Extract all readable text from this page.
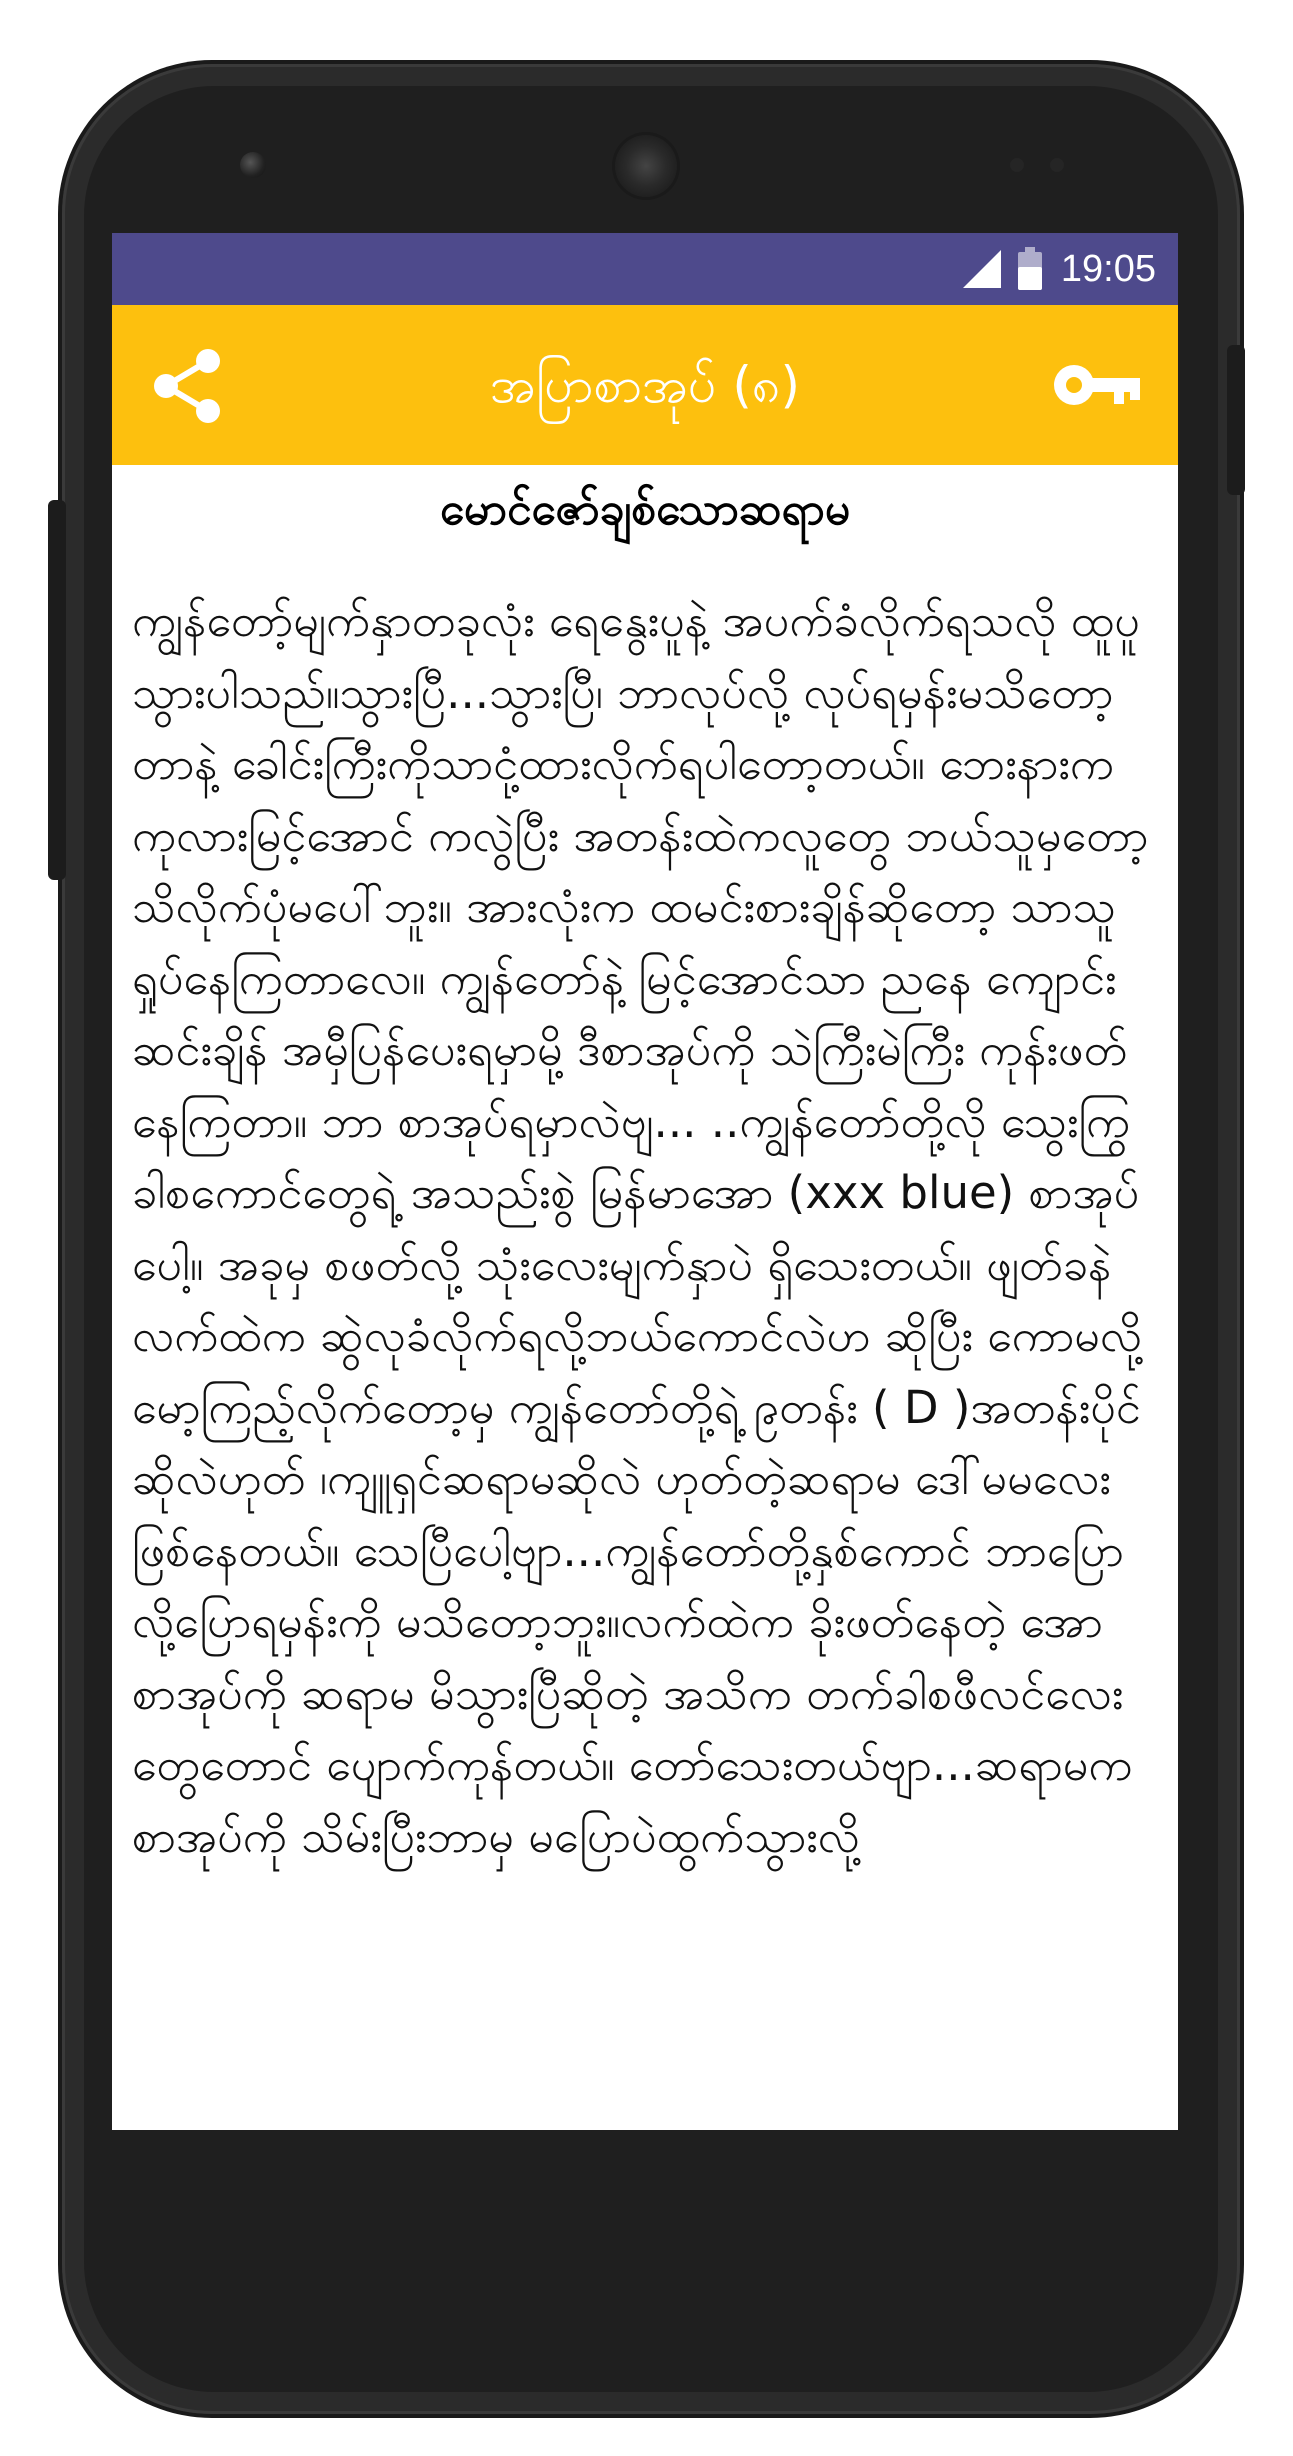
19:05
အပြာစာအုပ် (၈)
မောင်ဇော်ချစ်သောဆရာမ
ကျွန်တော့်မျက်နှာတခုလုံး ရေနွေးပူနဲ့ အပက်ခံလိုက်ရသလို ထူပူသွားပါသည်။သွားပြီ...သွားပြီ၊ ဘာလုပ်လို့ လုပ်ရမှန်းမသိတော့တာနဲ့ ခေါင်းကြီးကိုသာငုံ့ထားလိုက်ရပါတော့တယ်။ ဘေးနားက ကုလားမြင့်အောင် ကလွဲပြီး အတန်းထဲကလူတွေ ဘယ်သူမှတော့ သိလိုက်ပုံမပေါ်ဘူး။ အားလုံးက ထမင်းစားချိန်ဆိုတော့ သာသူရှုပ်နေကြတာလေ။ ကျွန်တော်နဲ့ မြင့်အောင်သာ ညနေ ကျောင်းဆင်းချိန် အမှီပြန်ပေးရမှာမို့ ဒီစာအုပ်ကို သဲကြီးမဲကြီး ကုန်းဖတ်နေကြတာ။ ဘာ စာအုပ်ရမှာလဲဗျ... ..ကျွန်တော်တို့လို သွေးကြွခါစကောင်တွေရဲ့ အသည်းစွဲ မြန်မာအော (xxx blue) စာအုပ်ပေါ့။ အခုမှ စဖတ်လို့ သုံးလေးမျက်နှာပဲ ရှိသေးတယ်။ ဖျတ်ခနဲ လက်ထဲက ဆွဲလုခံလိုက်ရလို့ဘယ်ကောင်လဲဟ ဆိုပြီး ကောမလို့ မော့ကြည့်လိုက်တော့မှ ကျွန်တော်တို့ရဲ့ ၉တန်း ( D )အတန်းပိုင်ဆိုလဲဟုတ် ၊ကျူရှင်ဆရာမဆိုလဲ ဟုတ်တဲ့ဆရာမ ဒေါ်မမလေး ဖြစ်နေတယ်။ သေပြီပေါ့ဗျာ...ကျွန်တော်တို့နှစ်ကောင် ဘာပြောလို့ပြောရမှန်းကို မသိတော့ဘူး။လက်ထဲက ခိုးဖတ်နေတဲ့ အောစာအုပ်ကို ဆရာမ မိသွားပြီဆိုတဲ့ အသိက တက်ခါစဖီလင်လေးတွေတောင် ပျောက်ကုန်တယ်။ တော်သေးတယ်ဗျာ...ဆရာမက စာအုပ်ကို သိမ်းပြီးဘာမှ မပြောပဲထွက်သွားလို့
